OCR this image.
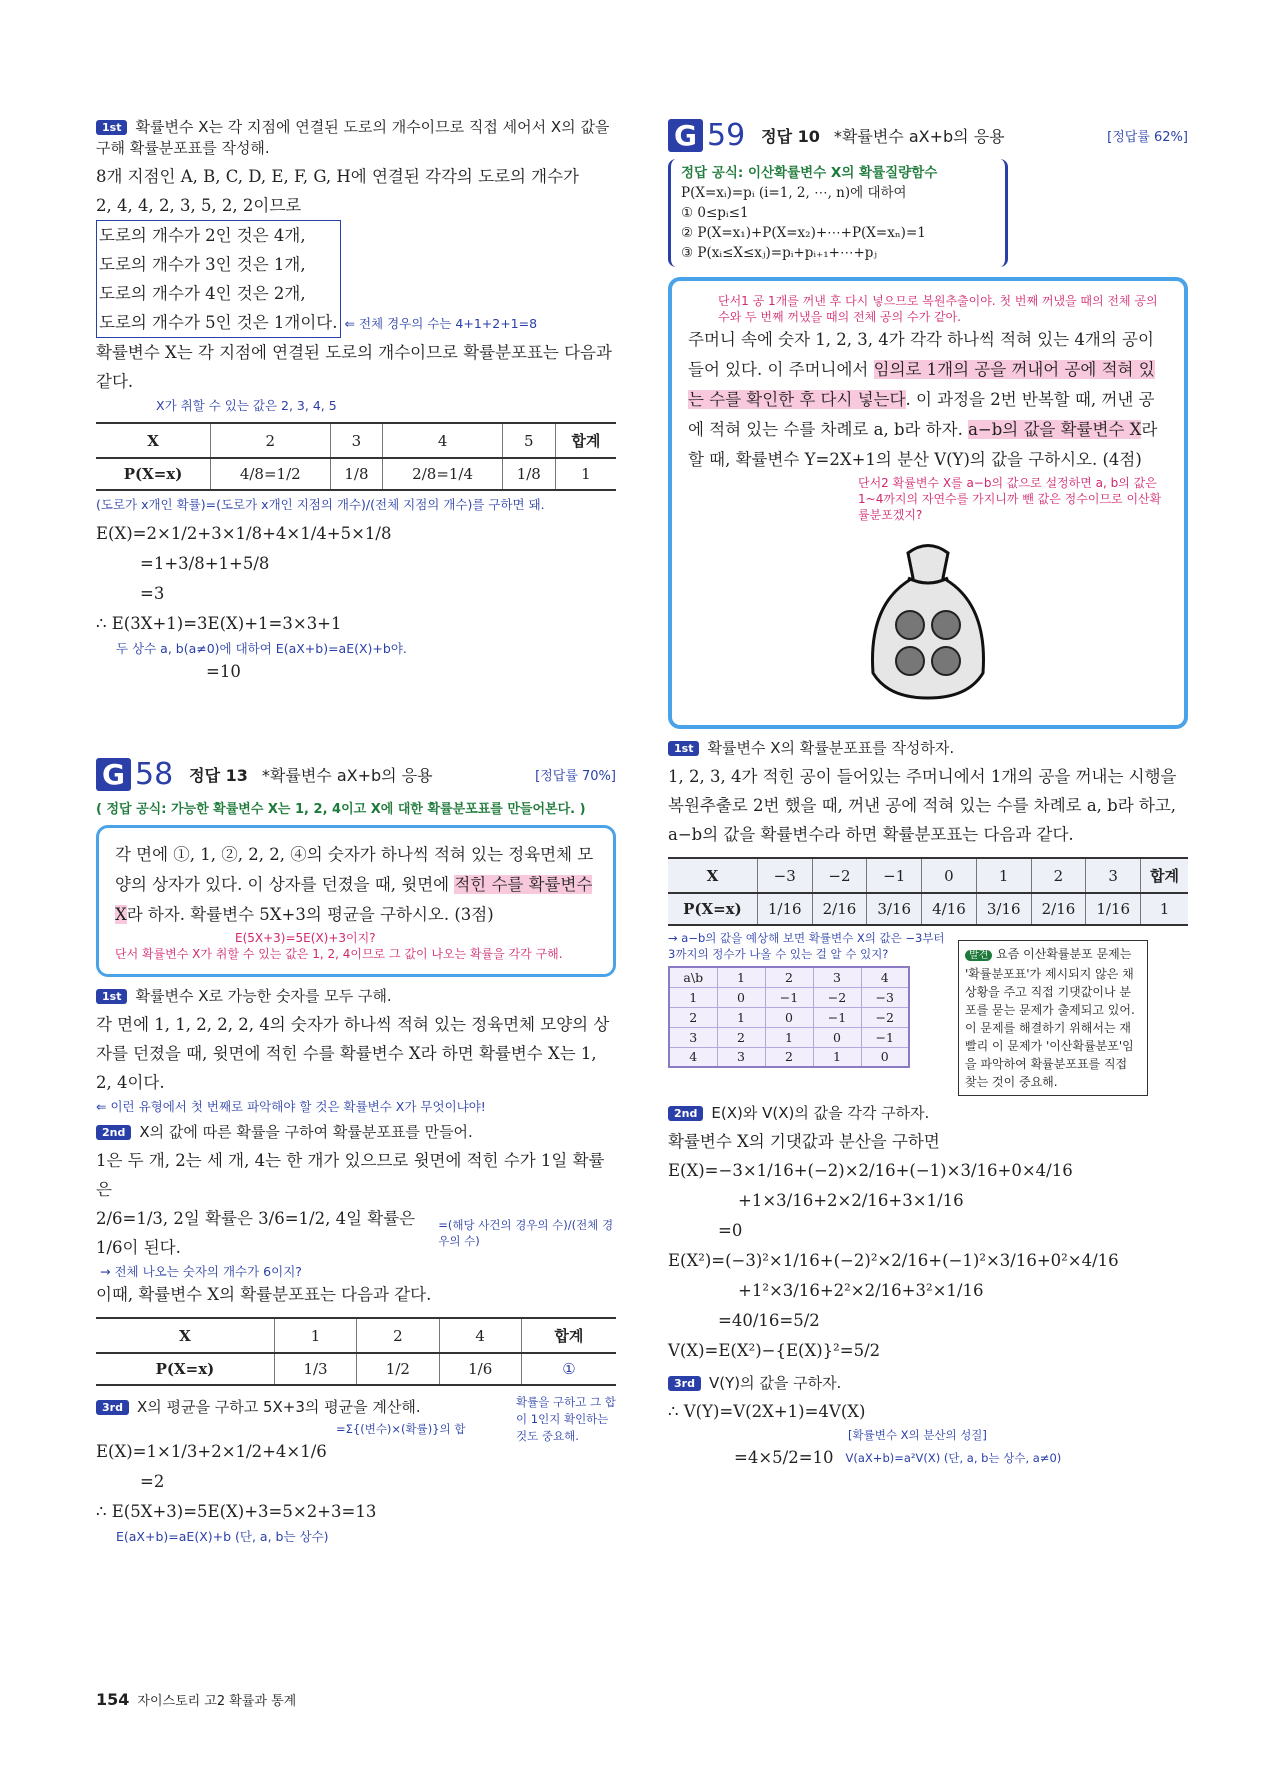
1st 확률변수 X는 각 지점에 연결된 도로의 개수이므로 직접 세어서 X의 값을 구해 확률분포표를 작성해.

8개 지점인 A, B, C, D, E, F, G, H에 연결된 각각의 도로의 개수가

2, 4, 4, 2, 3, 5, 2, 2이므로

도로의 개수가 2인 것은 4개,

도로의 개수가 3인 것은 1개,

도로의 개수가 4인 것은 2개,

도로의 개수가 5인 것은 1개이다. ⇐ 전체 경우의 수는 4+1+2+1=8

확률변수 X는 각 지점에 연결된 도로의 개수이므로 확률분포표는 다음과 같다.

X가 취할 수 있는 값은 2, 3, 4, 5
X	2	3	4	5	합계
P(X=x)	4/8=1/2	1/8	2/8=1/4	1/8	1
(도로가 x개인 확률)=(도로가 x개인 지점의 개수)/(전체 지점의 개수)를 구하면 돼.
E(X)=2×1/2+3×1/8+4×1/4+5×1/8
=1+3/8+1+5/8
=3
∴ E(3X+1)=3E(X)+1=3×3+1
두 상수 a, b(a≠0)에 대하여 E(aX+b)=aE(X)+b야.
=10
G 58 정답 13 *확률변수 aX+b의 응용	[정답률 70%]
( 정답 공식: 가능한 확률변수 X는 1, 2, 4이고 X에 대한 확률분포표를 만들어본다. )
각 면에 ①, 1, ②, 2, 2, ④의 숫자가 하나씩 적혀 있는 정육면체 모양의 상자가 있다. 이 상자를 던졌을 때, 윗면에 적힌 수를 확률변수 X라 하자. 확률변수 5X+3의 평균을 구하시오. (3점)
E(5X+3)=5E(X)+3이지?
단서 확률변수 X가 취할 수 있는 값은 1, 2, 4이므로 그 값이 나오는 확률을 각각 구해.
1st 확률변수 X로 가능한 숫자를 모두 구해.

각 면에 1, 1, 2, 2, 2, 4의 숫자가 하나씩 적혀 있는 정육면체 모양의 상자를 던졌을 때, 윗면에 적힌 수를 확률변수 X라 하면 확률변수 X는 1, 2, 4이다.

⇐ 이런 유형에서 첫 번째로 파악해야 할 것은 확률변수 X가 무엇이냐야!
2nd X의 값에 따른 확률을 구하여 확률분포표를 만들어.

1은 두 개, 2는 세 개, 4는 한 개가 있으므로 윗면에 적힌 수가 1일 확률은

2/6=1/3, 2일 확률은 3/6=1/2, 4일 확률은 1/6이 된다.

=(해당 사건의 경우의 수)/(전체 경우의 수)
→ 전체 나오는 숫자의 개수가 6이지?

이때, 확률변수 X의 확률분포표는 다음과 같다.

X	1	2	4	합계
P(X=x)	1/3	1/2	1/6	①
3rd X의 평균을 구하고 5X+3의 평균을 계산해.
=Σ{(변수)×(확률)}의 합
E(X)=1×1/3+2×1/2+4×1/6
=2
∴ E(5X+3)=5E(X)+3=5×2+3=13
E(aX+b)=aE(X)+b (단, a, b는 상수)
확률을 구하고 그 합이 1인지 확인하는 것도 중요해.
G 59 정답 10 *확률변수 aX+b의 응용	[정답률 62%]
정답 공식: 이산확률변수 X의 확률질량함수
P(X=xᵢ)=pᵢ (i=1, 2, ⋯, n)에 대하여
① 0≤pᵢ≤1
② P(X=x₁)+P(X=x₂)+⋯+P(X=xₙ)=1
③ P(xᵢ≤X≤xⱼ)=pᵢ+pᵢ₊₁+⋯+pⱼ
단서1 공 1개를 꺼낸 후 다시 넣으므로 복원추출이야. 첫 번째 꺼냈을 때의 전체 공의 수와 두 번째 꺼냈을 때의 전체 공의 수가 같아.
주머니 속에 숫자 1, 2, 3, 4가 각각 하나씩 적혀 있는 4개의 공이 들어 있다. 이 주머니에서 임의로 1개의 공을 꺼내어 공에 적혀 있는 수를 확인한 후 다시 넣는다. 이 과정을 2번 반복할 때, 꺼낸 공에 적혀 있는 수를 차례로 a, b라 하자. a−b의 값을 확률변수 X라 할 때, 확률변수 Y=2X+1의 분산 V(Y)의 값을 구하시오. (4점)
단서2 확률변수 X를 a−b의 값으로 설정하면 a, b의 값은 1~4까지의 자연수를 가지니까 뺀 값은 정수이므로 이산확률분포겠지?
1st 확률변수 X의 확률분포표를 작성하자.

1, 2, 3, 4가 적힌 공이 들어있는 주머니에서 1개의 공을 꺼내는 시행을 복원추출로 2번 했을 때, 꺼낸 공에 적혀 있는 수를 차례로 a, b라 하고, a−b의 값을 확률변수라 하면 확률분포표는 다음과 같다.

X	−3	−2	−1	0	1	2	3	합계
P(X=x)	1/16	2/16	3/16	4/16	3/16	2/16	1/16	1
→ a−b의 값을 예상해 보면 확률변수 X의 값은 −3부터 3까지의 정수가 나올 수 있는 걸 알 수 있지?
a\b	1	2	3	4
1	0	−1	−2	−3
2	1	0	−1	−2
3	2	1	0	−1
4	3	2	1	0
발견 요즘 이산확률분포 문제는 '확률분포표'가 제시되지 않은 채 상황을 주고 직접 기댓값이나 분포를 묻는 문제가 출제되고 있어. 이 문제를 해결하기 위해서는 재빨리 이 문제가 '이산확률분포'임을 파악하여 확률분포표를 직접 찾는 것이 중요해.
2nd E(X)와 V(X)의 값을 각각 구하자.

확률변수 X의 기댓값과 분산을 구하면

E(X)=−3×1/16+(−2)×2/16+(−1)×3/16+0×4/16
+1×3/16+2×2/16+3×1/16
=0
E(X²)=(−3)²×1/16+(−2)²×2/16+(−1)²×3/16+0²×4/16
+1²×3/16+2²×2/16+3²×1/16
=40/16=5/2
V(X)=E(X²)−{E(X)}²=5/2
3rd V(Y)의 값을 구하자.
∴ V(Y)=V(2X+1)=4V(X)
[확률변수 X의 분산의 성질]
=4×5/2=10 V(aX+b)=a²V(X) (단, a, b는 상수, a≠0)
154 자이스토리 고2 확률과 통계
